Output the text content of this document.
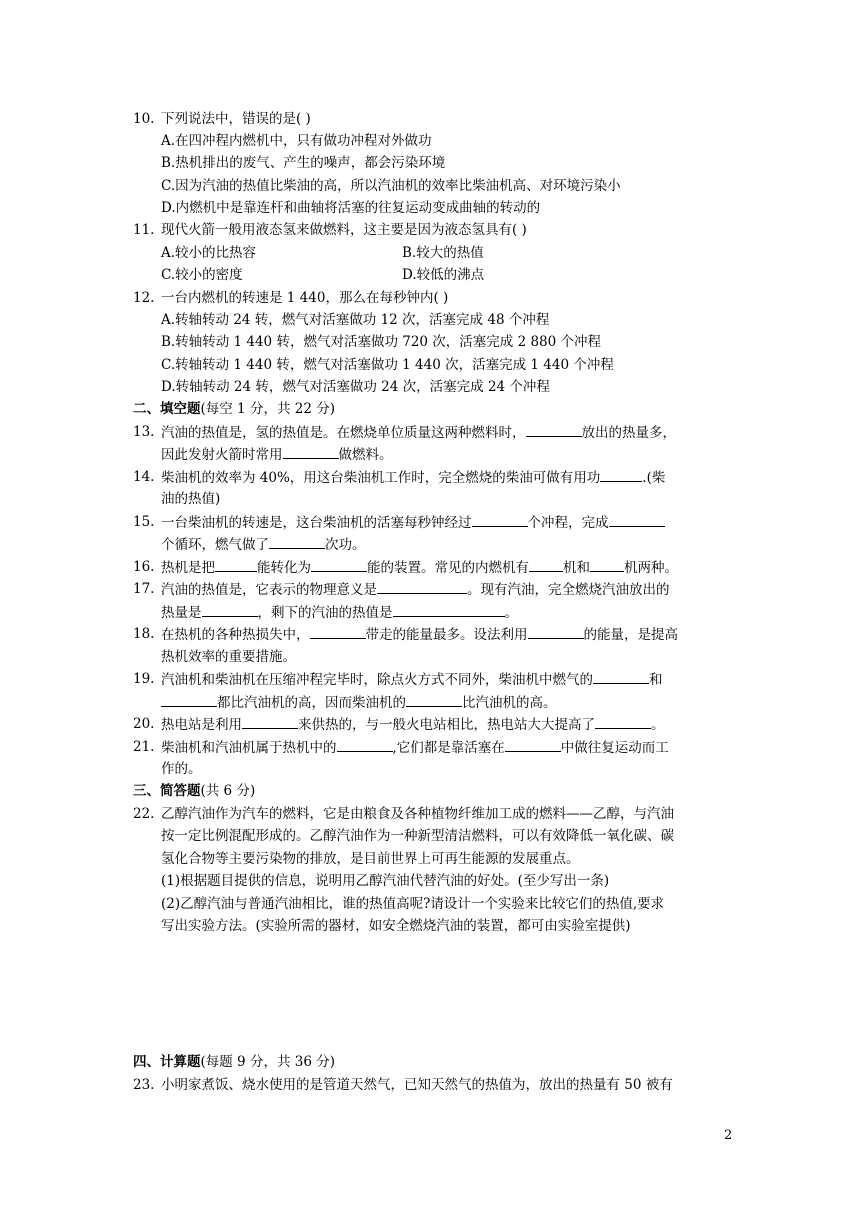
10. 下列说法中，错误的是( )
A.在四冲程内燃机中，只有做功冲程对外做功
B.热机排出的废气、产生的噪声，都会污染环境
C.因为汽油的热值比柴油的高，所以汽油机的效率比柴油机高、对环境污染小
D.内燃机中是靠连杆和曲轴将活塞的往复运动变成曲轴的转动的
11. 现代火箭一般用液态氢来做燃料，这主要是因为液态氢具有( )
A.较小的比热容	B.较大的热值
C.较小的密度	D.较低的沸点
12. 一台内燃机的转速是 1 440，那么在每秒钟内( )
A.转轴转动 24 转，燃气对活塞做功 12 次，活塞完成 48 个冲程
B.转轴转动 1 440 转，燃气对活塞做功 720 次，活塞完成 2 880 个冲程
C.转轴转动 1 440 转，燃气对活塞做功 1 440 次，活塞完成 1 440 个冲程
D.转轴转动 24 转，燃气对活塞做功 24 次，活塞完成 24 个冲程
二、填空题(每空 1 分，共 22 分)
13. 汽油的热值是，氢的热值是。在燃烧单位质量这两种燃料时，	放出的热量多，
因此发射火箭时常用	做燃料。
14. 柴油机的效率为 40%，用这台柴油机工作时，完全燃烧的柴油可做有用功	.(柴
油的热值)
15. 一台柴油机的转速是，这台柴油机的活塞每秒钟经过	个冲程，完成
个循环，燃气做了	次功。
16. 热机是把	能转化为	能的装置。常见的内燃机有	机和	机两种。
17. 汽油的热值是，它表示的物理意义是	。现有汽油，完全燃烧汽油放出的
热量是	，剩下的汽油的热值是	。
18. 在热机的各种热损失中，	带走的能量最多。设法利用	的能量，是提高
热机效率的重要措施。
19. 汽油机和柴油机在压缩冲程完毕时，除点火方式不同外，柴油机中燃气的	和
都比汽油机的高，因而柴油机的	比汽油机的高。
20. 热电站是利用	来供热的，与一般火电站相比，热电站大大提高了	。
21. 柴油机和汽油机属于热机中的	,它们都是靠活塞在	中做往复运动而工
作的。
三、简答题(共 6 分)
22. 乙醇汽油作为汽车的燃料，它是由粮食及各种植物纤维加工成的燃料——乙醇，与汽油
按一定比例混配形成的。乙醇汽油作为一种新型清洁燃料，可以有效降低一氧化碳、碳
氢化合物等主要污染物的排放，是目前世界上可再生能源的发展重点。
(1)根据题目提供的信息，说明用乙醇汽油代替汽油的好处。(至少写出一条)
(2)乙醇汽油与普通汽油相比，谁的热值高呢?请设计一个实验来比较它们的热值,要求
写出实验方法。(实验所需的器材，如安全燃烧汽油的装置，都可由实验室提供)
四、计算题(每题 9 分，共 36 分)
23. 小明家煮饭、烧水使用的是管道天然气，已知天然气的热值为，放出的热量有 50 被有
2
